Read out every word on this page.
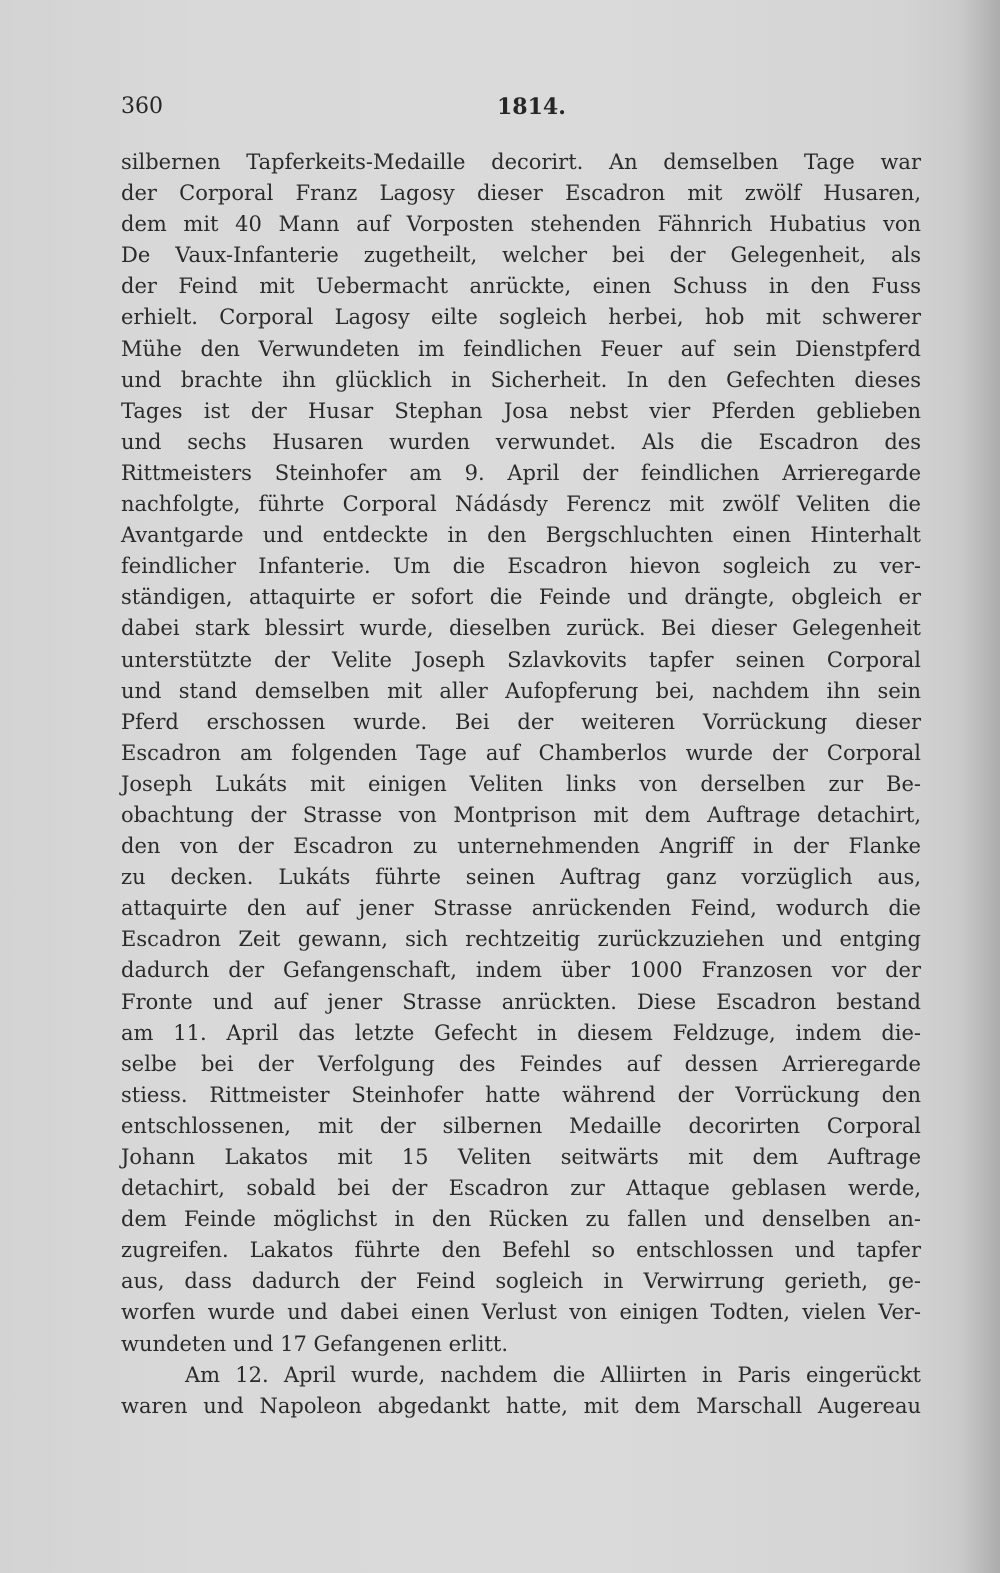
360	1814.
silbernen Tapferkeits-Medaille decorirt. An demselben Tage war
der Corporal Franz Lagosy dieser Escadron mit zwölf Husaren,
dem mit 40 Mann auf Vorposten stehenden Fähnrich Hubatius von
De Vaux-Infanterie zugetheilt, welcher bei der Gelegenheit, als
der Feind mit Uebermacht anrückte, einen Schuss in den Fuss
erhielt. Corporal Lagosy eilte sogleich herbei, hob mit schwerer
Mühe den Verwundeten im feindlichen Feuer auf sein Dienstpferd
und brachte ihn glücklich in Sicherheit. In den Gefechten dieses
Tages ist der Husar Stephan Josa nebst vier Pferden geblieben
und sechs Husaren wurden verwundet. Als die Escadron des
Rittmeisters Steinhofer am 9. April der feindlichen Arrieregarde
nachfolgte, führte Corporal Nádásdy Ferencz mit zwölf Veliten die
Avantgarde und entdeckte in den Bergschluchten einen Hinterhalt
feindlicher Infanterie. Um die Escadron hievon sogleich zu ver-
ständigen, attaquirte er sofort die Feinde und drängte, obgleich er
dabei stark blessirt wurde, dieselben zurück. Bei dieser Gelegenheit
unterstützte der Velite Joseph Szlavkovits tapfer seinen Corporal
und stand demselben mit aller Aufopferung bei, nachdem ihn sein
Pferd erschossen wurde. Bei der weiteren Vorrückung dieser
Escadron am folgenden Tage auf Chamberlos wurde der Corporal
Joseph Lukáts mit einigen Veliten links von derselben zur Be-
obachtung der Strasse von Montprison mit dem Auftrage detachirt,
den von der Escadron zu unternehmenden Angriff in der Flanke
zu decken. Lukáts führte seinen Auftrag ganz vorzüglich aus,
attaquirte den auf jener Strasse anrückenden Feind, wodurch die
Escadron Zeit gewann, sich rechtzeitig zurückzuziehen und entging
dadurch der Gefangenschaft, indem über 1000 Franzosen vor der
Fronte und auf jener Strasse anrückten. Diese Escadron bestand
am 11. April das letzte Gefecht in diesem Feldzuge, indem die-
selbe bei der Verfolgung des Feindes auf dessen Arrieregarde
stiess. Rittmeister Steinhofer hatte während der Vorrückung den
entschlossenen, mit der silbernen Medaille decorirten Corporal
Johann Lakatos mit 15 Veliten seitwärts mit dem Auftrage
detachirt, sobald bei der Escadron zur Attaque geblasen werde,
dem Feinde möglichst in den Rücken zu fallen und denselben an-
zugreifen. Lakatos führte den Befehl so entschlossen und tapfer
aus, dass dadurch der Feind sogleich in Verwirrung gerieth, ge-
worfen wurde und dabei einen Verlust von einigen Todten, vielen Ver-
wundeten und 17 Gefangenen erlitt.
Am 12. April wurde, nachdem die Alliirten in Paris eingerückt
waren und Napoleon abgedankt hatte, mit dem Marschall Augereau
